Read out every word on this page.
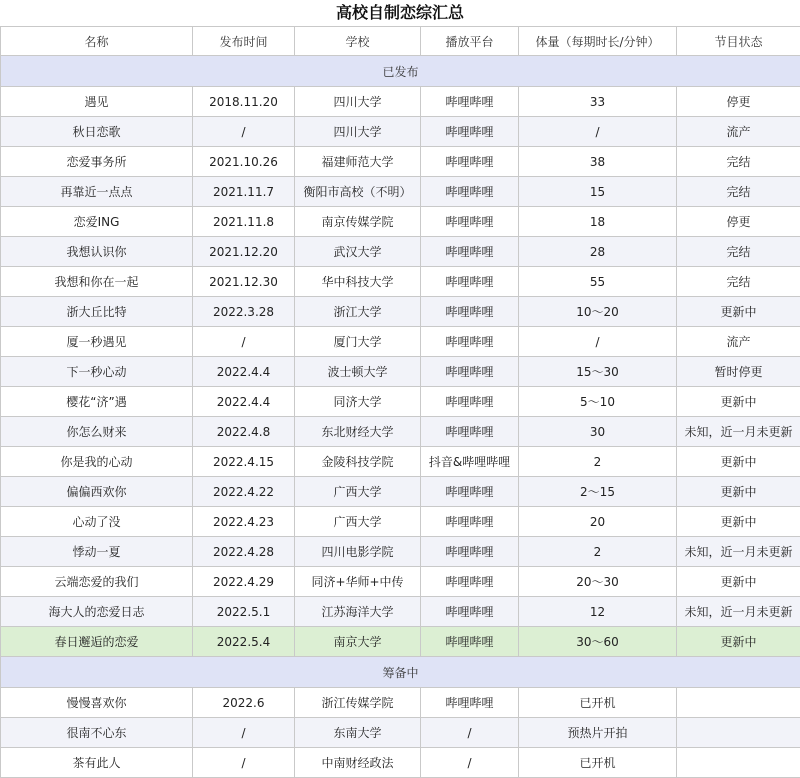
高校自制恋综汇总
名称	发布时间	学校	播放平台	体量（每期时长/分钟）	节目状态
已发布					
遇见	2018.11.20	四川大学	哔哩哔哩	33	停更
秋日恋歌	/	四川大学	哔哩哔哩	/	流产
恋爱事务所	2021.10.26	福建师范大学	哔哩哔哩	38	完结
再靠近一点点	2021.11.7	衡阳市高校（不明）	哔哩哔哩	15	完结
恋爱ING	2021.11.8	南京传媒学院	哔哩哔哩	18	停更
我想认识你	2021.12.20	武汉大学	哔哩哔哩	28	完结
我想和你在一起	2021.12.30	华中科技大学	哔哩哔哩	55	完结
浙大丘比特	2022.3.28	浙江大学	哔哩哔哩	10～20	更新中
厦一秒遇见	/	厦门大学	哔哩哔哩	/	流产
下一秒心动	2022.4.4	波士顿大学	哔哩哔哩	15～30	暂时停更
樱花“济”遇	2022.4.4	同济大学	哔哩哔哩	5～10	更新中
你怎么财来	2022.4.8	东北财经大学	哔哩哔哩	30	未知，近一月未更新
你是我的心动	2022.4.15	金陵科技学院	抖音&哔哩哔哩	2	更新中
偏偏西欢你	2022.4.22	广西大学	哔哩哔哩	2～15	更新中
心动了没	2022.4.23	广西大学	哔哩哔哩	20	更新中
悸动一夏	2022.4.28	四川电影学院	哔哩哔哩	2	未知，近一月未更新
云端恋爱的我们	2022.4.29	同济+华师+中传	哔哩哔哩	20～30	更新中
海大人的恋爱日志	2022.5.1	江苏海洋大学	哔哩哔哩	12	未知，近一月未更新
春日邂逅的恋爱	2022.5.4	南京大学	哔哩哔哩	30～60	更新中
筹备中					
慢慢喜欢你	2022.6	浙江传媒学院	哔哩哔哩	已开机	
很南不心东	/	东南大学	/	预热片开拍	
茶有此人	/	中南财经政法	/	已开机	
